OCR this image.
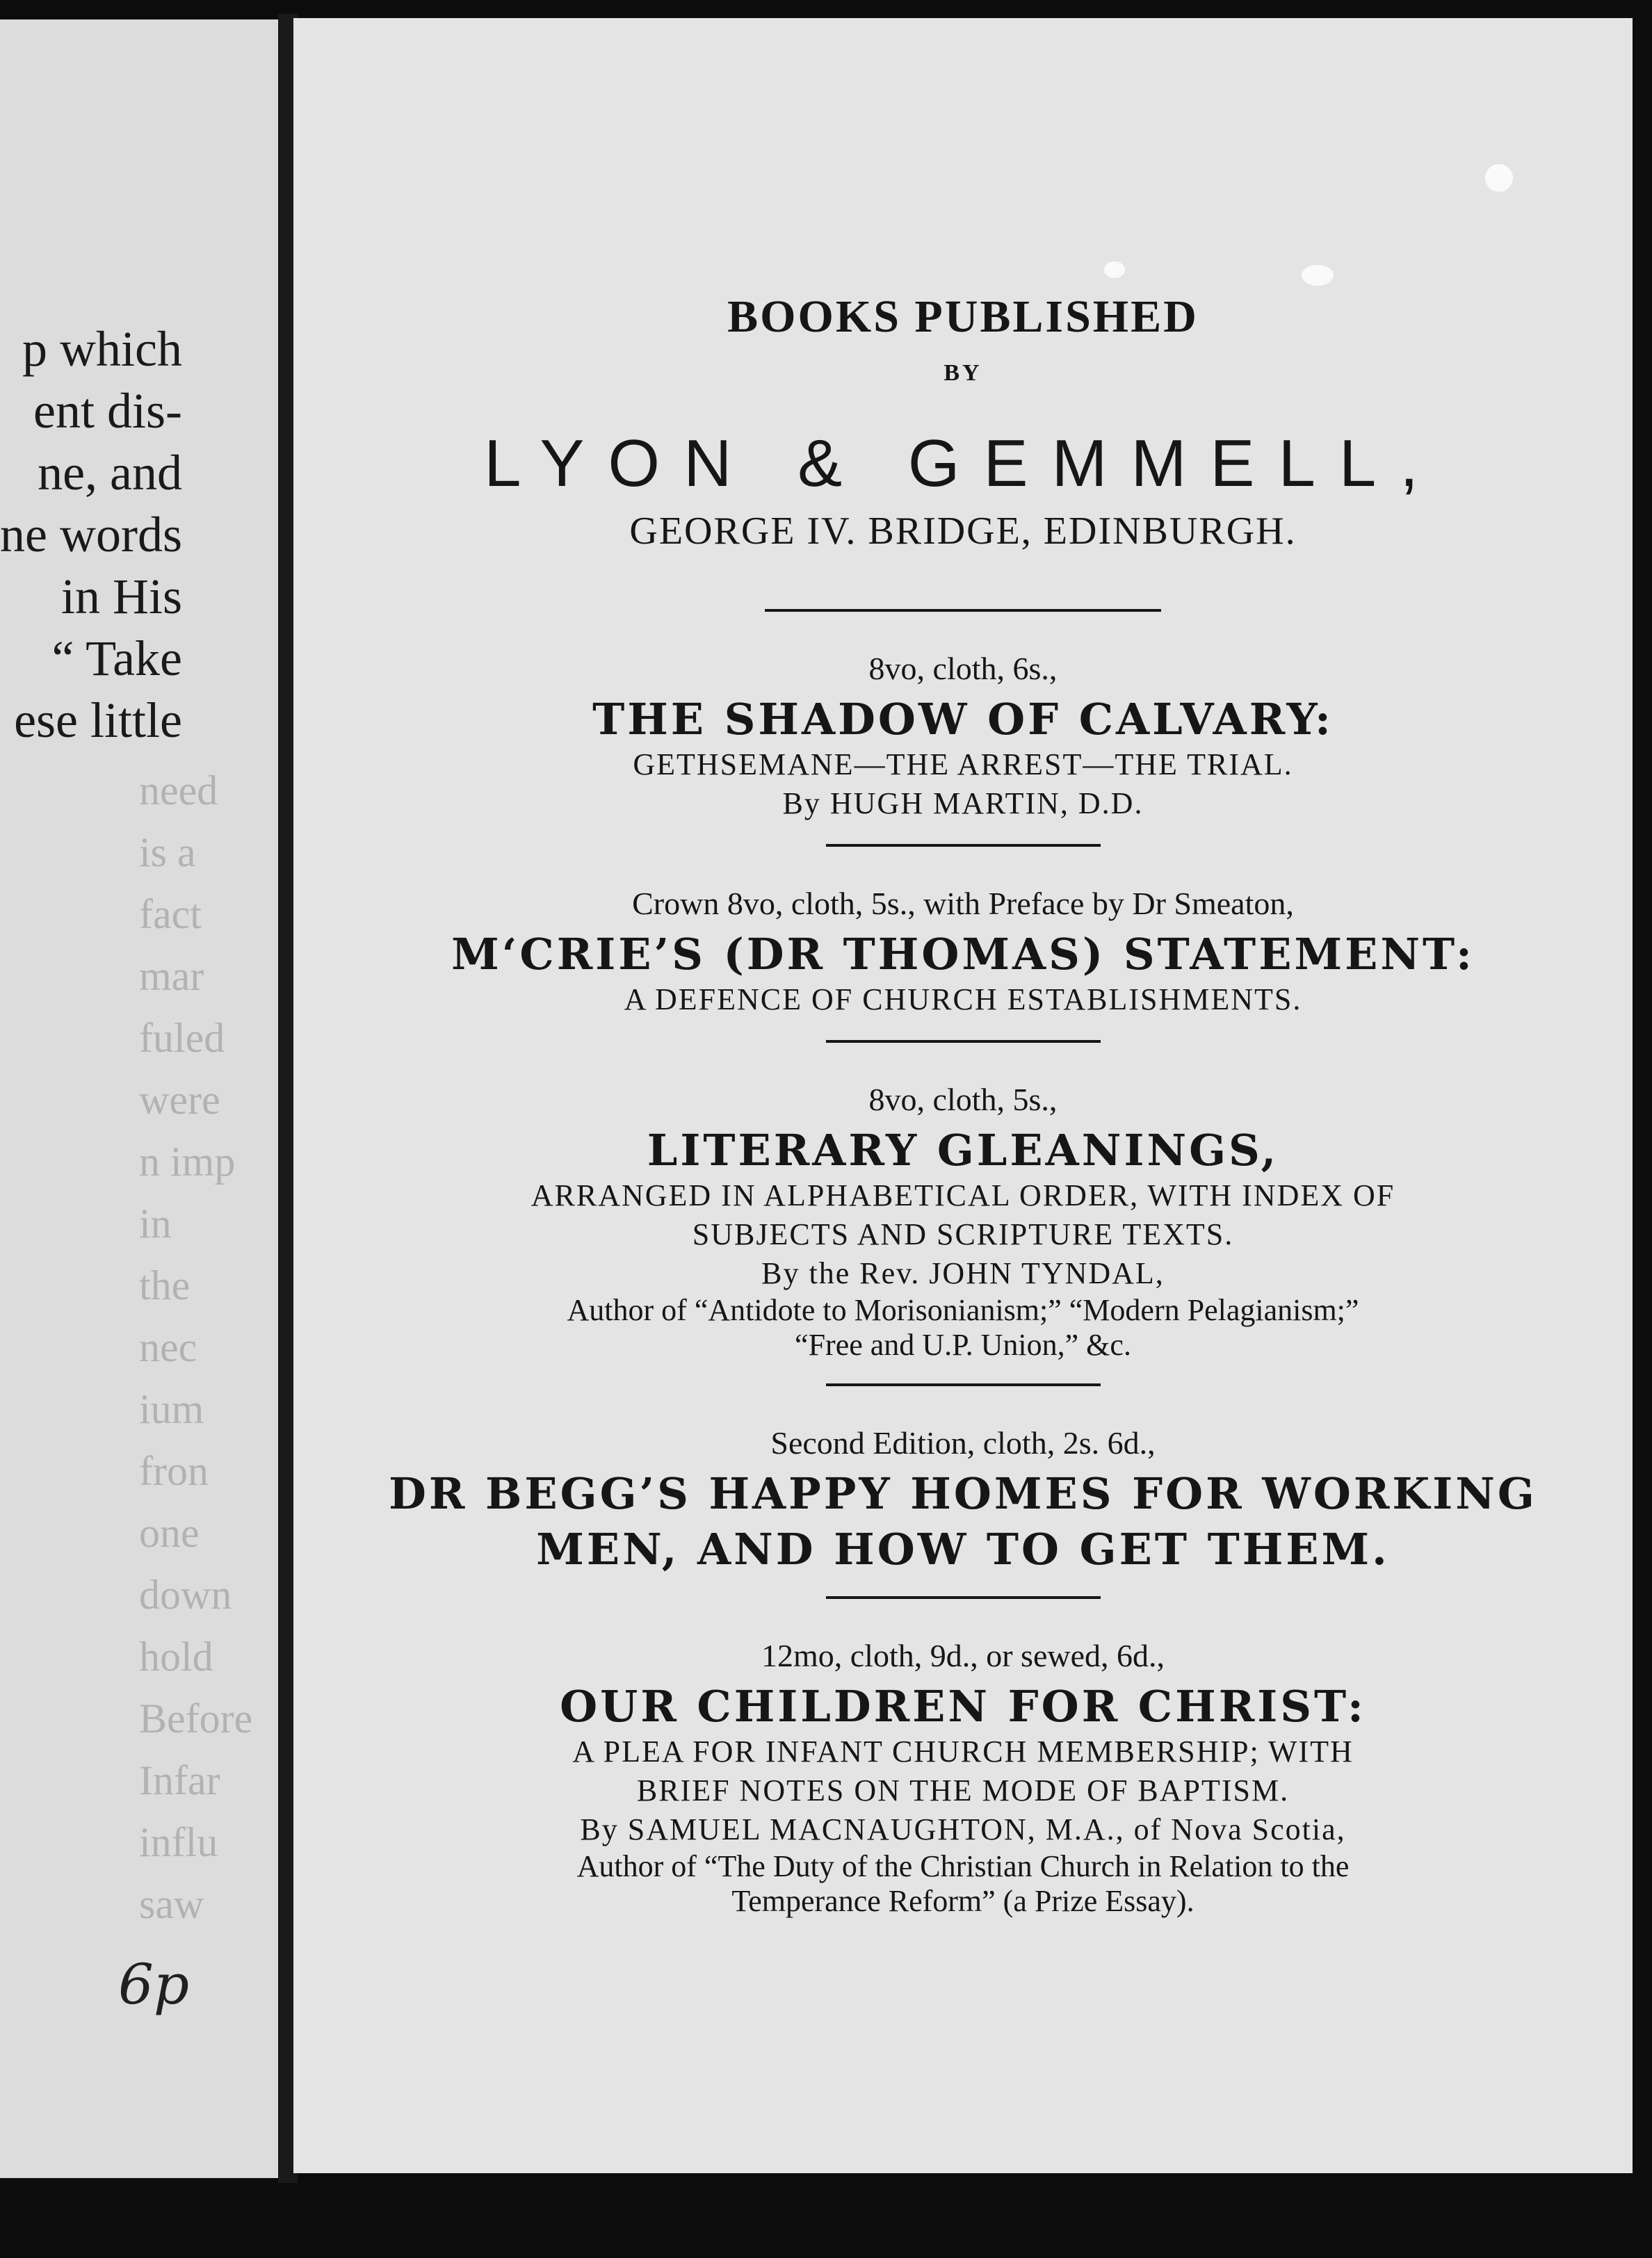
p which
ent dis-
ne, and
ne words
in His
“ Take
ese little
need
is a
fact
mar
fuled
were
n imp
in
the
nec
ium
fron
one
down
hold
Before
Infar
influ
saw
6p
BOOKS PUBLISHED
BY
LYON & GEMMELL,
GEORGE IV. BRIDGE, EDINBURGH.
8vo, cloth, 6s.,
THE SHADOW OF CALVARY:
GETHSEMANE—THE ARREST—THE TRIAL.
By HUGH MARTIN, D.D.
Crown 8vo, cloth, 5s., with Preface by Dr Smeaton,
M‘CRIE’S (DR THOMAS) STATEMENT:
A DEFENCE OF CHURCH ESTABLISHMENTS.
8vo, cloth, 5s.,
LITERARY GLEANINGS,
ARRANGED IN ALPHABETICAL ORDER, WITH INDEX OF
SUBJECTS AND SCRIPTURE TEXTS.
By the Rev. JOHN TYNDAL,
Author of “Antidote to Morisonianism;” “Modern Pelagianism;”
“Free and U.P. Union,” &c.
Second Edition, cloth, 2s. 6d.,
DR BEGG’S HAPPY HOMES FOR WORKING
MEN, AND HOW TO GET THEM.
12mo, cloth, 9d., or sewed, 6d.,
OUR CHILDREN FOR CHRIST:
A PLEA FOR INFANT CHURCH MEMBERSHIP; WITH
BRIEF NOTES ON THE MODE OF BAPTISM.
By SAMUEL MACNAUGHTON, M.A., of Nova Scotia,
Author of “The Duty of the Christian Church in Relation to the
Temperance Reform” (a Prize Essay).
